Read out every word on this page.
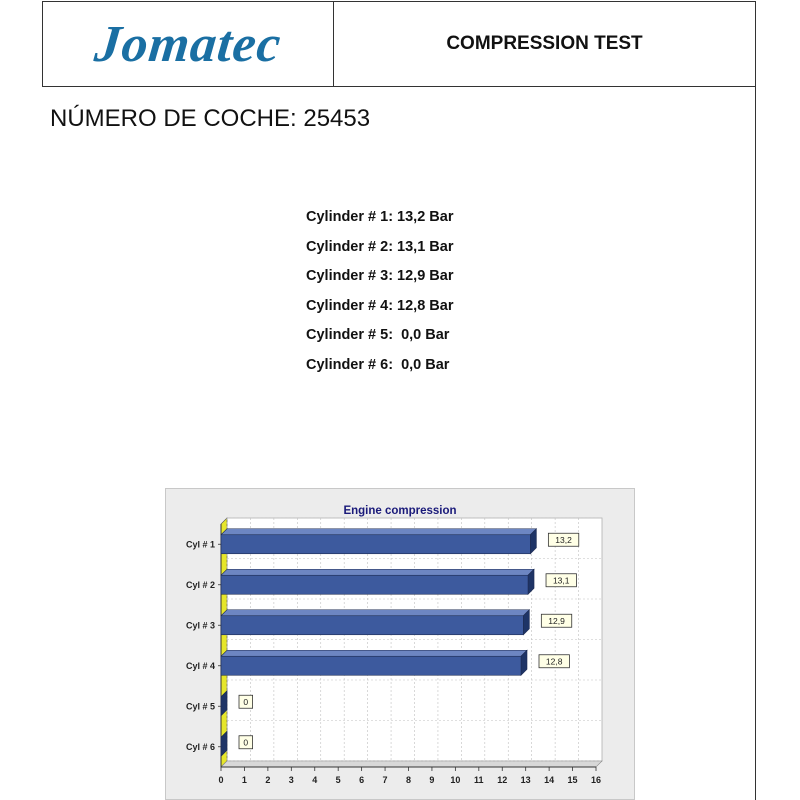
Jomatec	COMPRESSION TEST
NÚMERO DE COCHE: 25453
Cylinder # 1: 13,2 Bar
Cylinder # 2: 13,1 Bar
Cylinder # 3: 12,9 Bar
Cylinder # 4: 12,8 Bar
Cylinder # 5:  0,0 Bar
Cylinder # 6:  0,0 Bar
Engine compression
0 1 2 3 4 5 6 7 8 9 10 11 12 13 14 15 16
Cyl # 1	13,2
Cyl # 2	13,1
Cyl # 3	12,9
Cyl # 4	12,8
Cyl # 5	0
Cyl # 6	0
